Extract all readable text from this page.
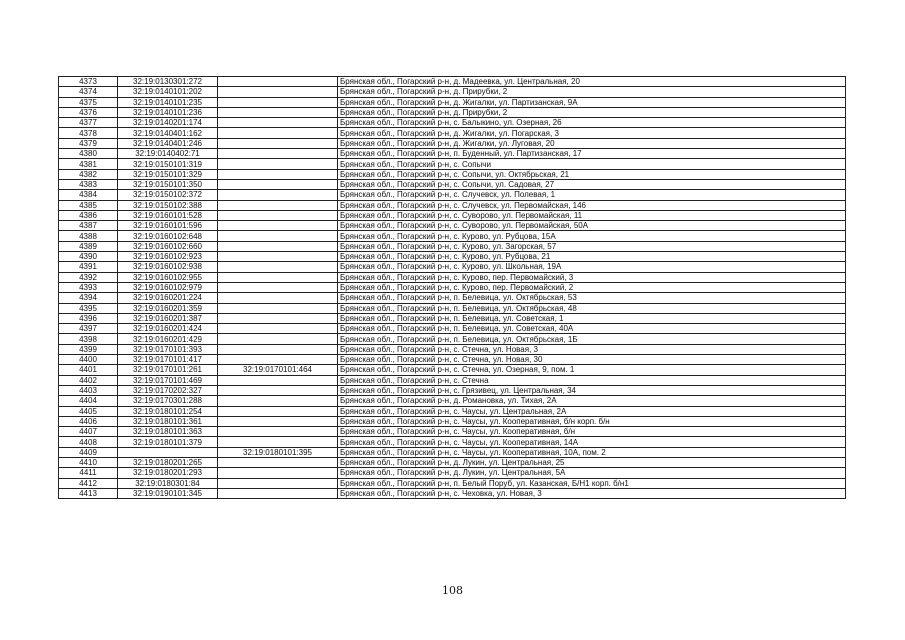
4373	32:19:0130301:272		Брянская обл., Погарский р-н, д. Мадеевка, ул. Центральная, 20
4374	32:19:0140101:202		Брянская обл., Погарский р-н, д. Прирубки, 2
4375	32:19:0140101:235		Брянская обл., Погарский р-н, д. Жигалки, ул. Партизанская, 9А
4376	32:19:0140101:236		Брянская обл., Погарский р-н, д. Прирубки, 2
4377	32:19:0140201:174		Брянская обл., Погарский р-н, с. Балыкино, ул. Озерная, 26
4378	32:19:0140401:162		Брянская обл., Погарский р-н, д. Жигалки, ул. Погарская, 3
4379	32:19:0140401:246		Брянская обл., Погарский р-н, д. Жигалки, ул. Луговая, 20
4380	32:19:0140402:71		Брянская обл., Погарский р-н, п. Буденный, ул. Партизанская, 17
4381	32:19:0150101:319		Брянская обл., Погарский р-н, с. Сопычи
4382	32:19:0150101:329		Брянская обл., Погарский р-н, с. Сопычи, ул. Октябрьская, 21
4383	32:19:0150101:350		Брянская обл., Погарский р-н, с. Сопычи, ул. Садовая, 27
4384	32:19:0150102:372		Брянская обл., Погарский р-н, с. Случевск, ул. Полевая, 1
4385	32:19:0150102:388		Брянская обл., Погарский р-н, с. Случевск, ул. Первомайская, 146
4386	32:19:0160101:528		Брянская обл., Погарский р-н, с. Суворово, ул. Первомайская, 11
4387	32:19:0160101:596		Брянская обл., Погарский р-н, с. Суворово, ул. Первомайская, 50А
4388	32:19:0160102:648		Брянская обл., Погарский р-н, с. Курово, ул. Рубцова, 15А
4389	32:19:0160102:660		Брянская обл., Погарский р-н, с. Курово, ул. Загорская, 57
4390	32:19:0160102:923		Брянская обл., Погарский р-н, с. Курово, ул. Рубцова, 21
4391	32:19:0160102:938		Брянская обл., Погарский р-н, с. Курово, ул. Школьная, 19А
4392	32:19:0160102:955		Брянская обл., Погарский р-н, с. Курово, пер. Первомайский, 3
4393	32:19:0160102:979		Брянская обл., Погарский р-н, с. Курово, пер. Первомайский, 2
4394	32:19:0160201:224		Брянская обл., Погарский р-н, п. Белевица, ул. Октябрьская, 53
4395	32:19:0160201:359		Брянская обл., Погарский р-н, п. Белевица, ул. Октябрьская, 48
4396	32:19:0160201:387		Брянская обл., Погарский р-н, п. Белевица, ул. Советская, 1
4397	32:19:0160201:424		Брянская обл., Погарский р-н, п. Белевица, ул. Советская, 40А
4398	32:19:0160201:429		Брянская обл., Погарский р-н, п. Белевица, ул. Октябрьская, 1Б
4399	32:19:0170101:393		Брянская обл., Погарский р-н, с. Стечна, ул. Новая, 3
4400	32:19:0170101:417		Брянская обл., Погарский р-н, с. Стечна, ул. Новая, 30
4401	32:19:0170101:261	32:19:0170101:464	Брянская обл., Погарский р-н, с. Стечна, ул. Озерная, 9, пом. 1
4402	32:19:0170101:469		Брянская обл., Погарский р-н, с. Стечна
4403	32:19:0170202:327		Брянская обл., Погарский р-н, с. Грязивец, ул. Центральная, 34
4404	32:19:0170301:288		Брянская обл., Погарский р-н, д. Романовка, ул. Тихая, 2А
4405	32:19:0180101:254		Брянская обл., Погарский р-н, с. Чаусы, ул. Центральная, 2А
4406	32:19:0180101:361		Брянская обл., Погарский р-н, с. Чаусы, ул. Кооперативная, б/н корп. б/н
4407	32:19:0180101:363		Брянская обл., Погарский р-н, с. Чаусы, ул. Кооперативная, б/н
4408	32:19:0180101:379		Брянская обл., Погарский р-н, с. Чаусы, ул. Кооперативная, 14А
4409		32:19:0180101:395	Брянская обл., Погарский р-н, с. Чаусы, ул. Кооперативная, 10А, пом. 2
4410	32:19:0180201:265		Брянская обл., Погарский р-н, д. Лукин, ул. Центральная, 25
4411	32:19:0180201:293		Брянская обл., Погарский р-н, д. Лукин, ул. Центральная, 5А
4412	32:19:0180301:84		Брянская обл., Погарский р-н, п. Белый Поруб, ул. Казанская, Б/Н1 корп. б/н1
4413	32:19:0190101:345		Брянская обл., Погарский р-н, с. Чеховка, ул. Новая, 3
108
